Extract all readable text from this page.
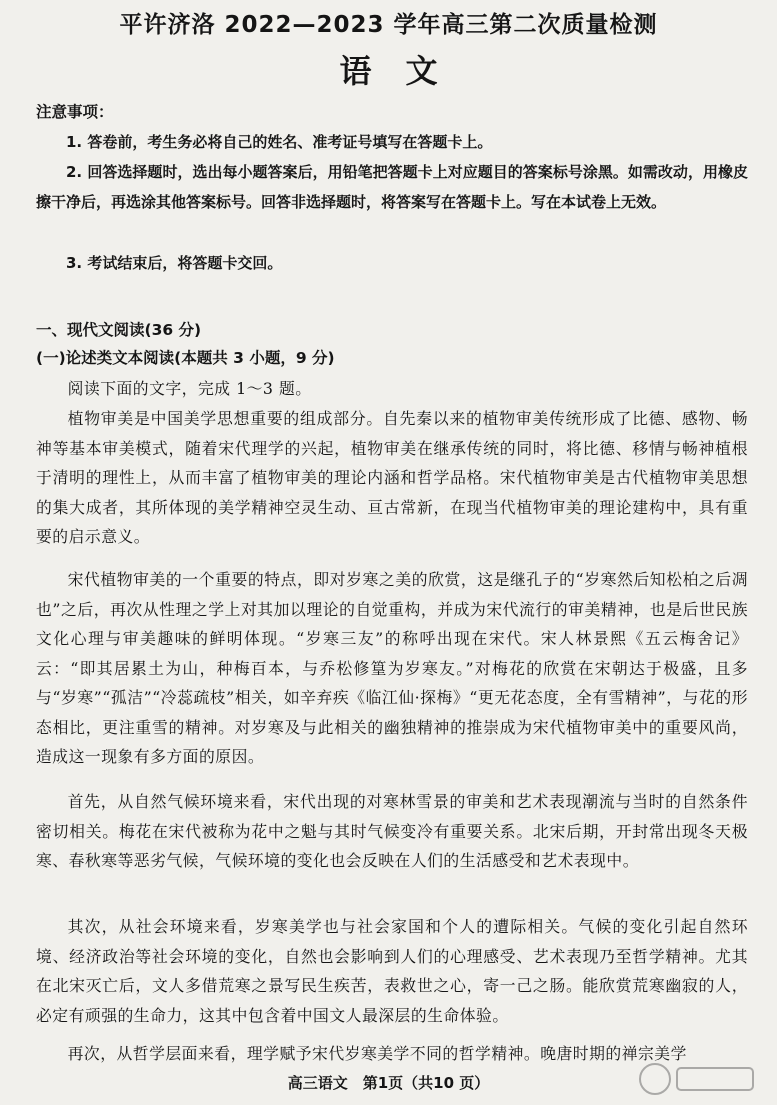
平许济洛 2022—2023 学年高三第二次质量检测
语文
注意事项：

1. 答卷前，考生务必将自己的姓名、准考证号填写在答题卡上。

2. 回答选择题时，选出每小题答案后，用铅笔把答题卡上对应题目的答案标号涂黑。如需改动，用橡皮擦干净后，再选涂其他答案标号。回答非选择题时，将答案写在答题卡上。写在本试卷上无效。

3. 考试结束后，将答题卡交回。

一、现代文阅读(36 分)
(一)论述类文本阅读(本题共 3 小题，9 分)

阅读下面的文字，完成 1～3 题。

植物审美是中国美学思想重要的组成部分。自先秦以来的植物审美传统形成了比德、感物、畅神等基本审美模式，随着宋代理学的兴起，植物审美在继承传统的同时，将比德、移情与畅神植根于清明的理性上，从而丰富了植物审美的理论内涵和哲学品格。宋代植物审美是古代植物审美思想的集大成者，其所体现的美学精神空灵生动、亘古常新，在现当代植物审美的理论建构中，具有重要的启示意义。

宋代植物审美的一个重要的特点，即对岁寒之美的欣赏，这是继孔子的“岁寒然后知松柏之后凋也”之后，再次从性理之学上对其加以理论的自觉重构，并成为宋代流行的审美精神，也是后世民族文化心理与审美趣味的鲜明体现。“岁寒三友”的称呼出现在宋代。宋人林景熙《五云梅舍记》云：“即其居累土为山，种梅百本，与乔松修篁为岁寒友。”对梅花的欣赏在宋朝达于极盛，且多与“岁寒”“孤洁”“冷蕊疏枝”相关，如辛弃疾《临江仙·探梅》“更无花态度，全有雪精神”，与花的形态相比，更注重雪的精神。对岁寒及与此相关的幽独精神的推崇成为宋代植物审美中的重要风尚，造成这一现象有多方面的原因。

首先，从自然气候环境来看，宋代出现的对寒林雪景的审美和艺术表现潮流与当时的自然条件密切相关。梅花在宋代被称为花中之魁与其时气候变冷有重要关系。北宋后期，开封常出现冬天极寒、春秋寒等恶劣气候，气候环境的变化也会反映在人们的生活感受和艺术表现中。

其次，从社会环境来看，岁寒美学也与社会家国和个人的遭际相关。气候的变化引起自然环境、经济政治等社会环境的变化，自然也会影响到人们的心理感受、艺术表现乃至哲学精神。尤其在北宋灭亡后，文人多借荒寒之景写民生疾苦，表救世之心，寄一己之肠。能欣赏荒寒幽寂的人，必定有顽强的生命力，这其中包含着中国文人最深层的生命体验。

再次，从哲学层面来看，理学赋予宋代岁寒美学不同的哲学精神。晚唐时期的禅宗美学

高三语文　第1页（共10 页）
